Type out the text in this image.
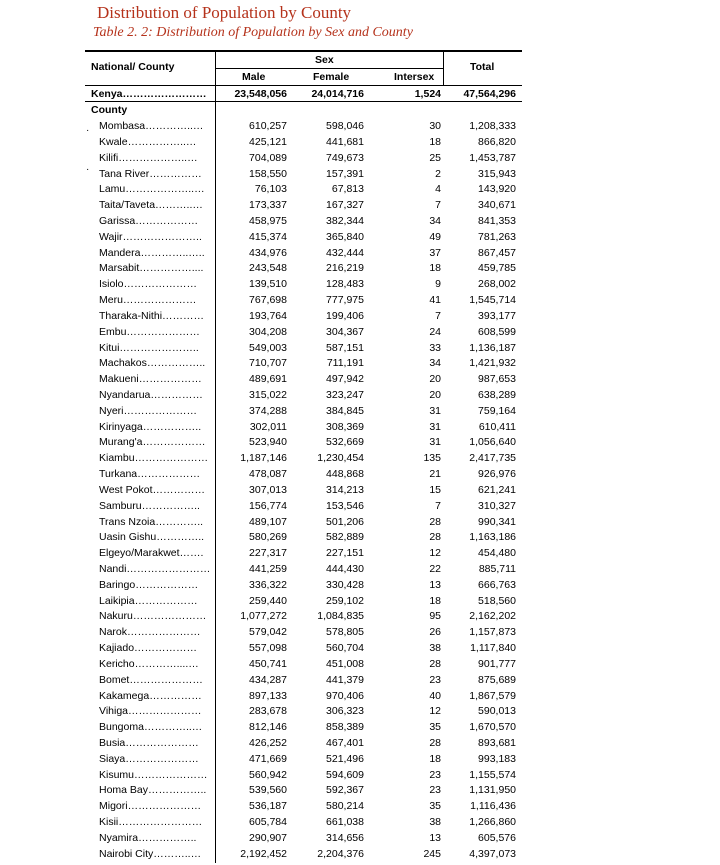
Distribution of Population by County
Table 2. 2: Distribution of Population by Sex and County
National/ County
Sex
Male	Female	Intersex
Total
Kenya……………………	23,548,056	24,014,716	1,524	47,564,296
County
·
·
Mombasa…………..…	610,257	598,046	30	1,208,333
Kwale……………..…	425,121	441,681	18	866,820
Kilifi………………..…	704,089	749,673	25	1,453,787
Tana River……………	158,550	157,391	2	315,943
Lamu………………..…	76,103	67,813	4	143,920
Taita/Taveta………..…	173,337	167,327	7	340,671
Garissa………………	458,975	382,344	34	841,353
Wajir…………………..	415,374	365,840	49	781,263
Mandera…………..…..	434,976	432,444	37	867,457
Marsabit……………....	243,548	216,219	18	459,785
Isiolo…………………	139,510	128,483	9	268,002
Meru…………………	767,698	777,975	41	1,545,714
Tharaka-Nithi…………	193,764	199,406	7	393,177
Embu…………………	304,208	304,367	24	608,599
Kitui…………………..	549,003	587,151	33	1,136,187
Machakos……………..	710,707	711,191	34	1,421,932
Makueni………………	489,691	497,942	20	987,653
Nyandarua……………	315,022	323,247	20	638,289
Nyeri…………………	374,288	384,845	31	759,164
Kirinyaga……………..	302,011	308,369	31	610,411
Murang'a………………	523,940	532,669	31	1,056,640
Kiambu…………………	1,187,146	1,230,454	135	2,417,735
Turkana………………	478,087	448,868	21	926,976
West Pokot……………	307,013	314,213	15	621,241
Samburu……………..	156,774	153,546	7	310,327
Trans Nzoia…………..	489,107	501,206	28	990,341
Uasin Gishu…………..	580,269	582,889	28	1,163,186
Elgeyo/Marakwet…….	227,317	227,151	12	454,480
Nandi……………………	441,259	444,430	22	885,711
Baringo………………	336,322	330,428	13	666,763
Laikipia………………	259,440	259,102	18	518,560
Nakuru…………………	1,077,272	1,084,835	95	2,162,202
Narok…………………	579,042	578,805	26	1,157,873
Kajiado………………	557,098	560,704	38	1,117,840
Kericho…………....…	450,741	451,008	28	901,777
Bomet…………………	434,287	441,379	23	875,689
Kakamega……………	897,133	970,406	40	1,867,579
Vihiga…………………	283,678	306,323	12	590,013
Bungoma…………..…	812,146	858,389	35	1,670,570
Busia…………………	426,252	467,401	28	893,681
Siaya…………………	471,669	521,496	18	993,183
Kisumu…………………	560,942	594,609	23	1,155,574
Homa Bay……………..	539,560	592,367	23	1,131,950
Migori…………………	536,187	580,214	35	1,116,436
Kisii……………………	605,784	661,038	38	1,266,860
Nyamira……………..	290,907	314,656	13	605,576
Nairobi City………..…	2,192,452	2,204,376	245	4,397,073
